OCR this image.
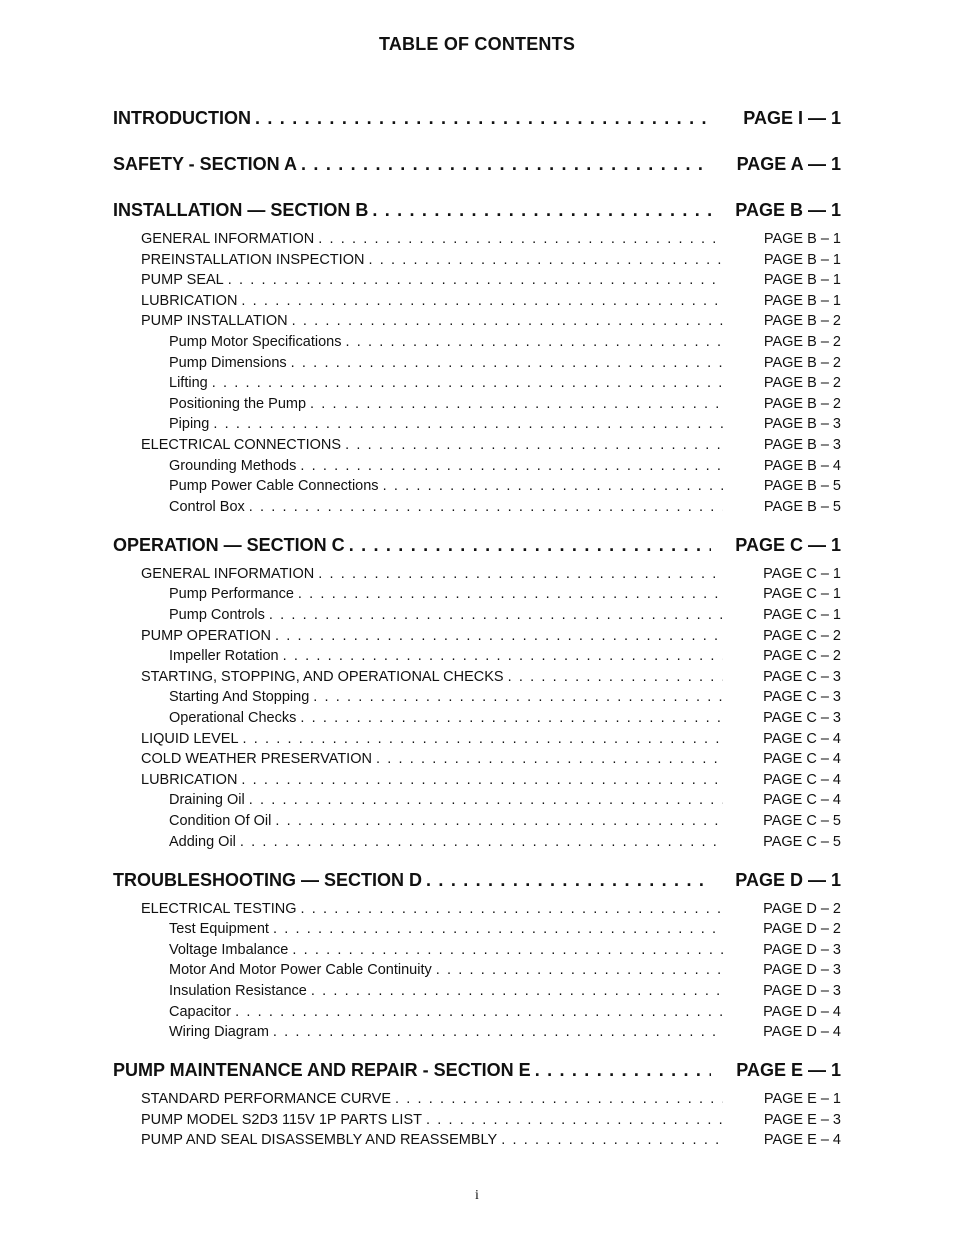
TABLE OF CONTENTS
INTRODUCTION . . .	PAGE I — 1
SAFETY - SECTION A . . .	PAGE A — 1
INSTALLATION — SECTION B . . .	PAGE B — 1
GENERAL INFORMATION . . .	PAGE B – 1
PREINSTALLATION INSPECTION . . .	PAGE B – 1
PUMP SEAL . . .	PAGE B – 1
LUBRICATION . . .	PAGE B – 1
PUMP INSTALLATION . . .	PAGE B – 2
Pump Motor Specifications . . .	PAGE B – 2
Pump Dimensions . . .	PAGE B – 2
Lifting . . .	PAGE B – 2
Positioning the Pump . . .	PAGE B – 2
Piping . . .	PAGE B – 3
ELECTRICAL CONNECTIONS . . .	PAGE B – 3
Grounding Methods . . .	PAGE B – 4
Pump Power Cable Connections . . .	PAGE B – 5
Control Box . . .	PAGE B – 5
OPERATION — SECTION C . . .	PAGE C — 1
GENERAL INFORMATION . . .	PAGE C – 1
Pump Performance . . .	PAGE C – 1
Pump Controls . . .	PAGE C – 1
PUMP OPERATION . . .	PAGE C – 2
Impeller Rotation . . .	PAGE C – 2
STARTING, STOPPING, AND OPERATIONAL CHECKS . . .	PAGE C – 3
Starting And Stopping . . .	PAGE C – 3
Operational Checks . . .	PAGE C – 3
LIQUID LEVEL . . .	PAGE C – 4
COLD WEATHER PRESERVATION . . .	PAGE C – 4
LUBRICATION . . .	PAGE C – 4
Draining Oil . . .	PAGE C – 4
Condition Of Oil . . .	PAGE C – 5
Adding Oil . . .	PAGE C – 5
TROUBLESHOOTING — SECTION D . . .	PAGE D — 1
ELECTRICAL TESTING . . .	PAGE D – 2
Test Equipment . . .	PAGE D – 2
Voltage Imbalance . . .	PAGE D – 3
Motor And Motor Power Cable Continuity . . .	PAGE D – 3
Insulation Resistance . . .	PAGE D – 3
Capacitor . . .	PAGE D – 4
Wiring Diagram . . .	PAGE D – 4
PUMP MAINTENANCE AND REPAIR - SECTION E . . .	PAGE E — 1
STANDARD PERFORMANCE CURVE . . .	PAGE E – 1
PUMP MODEL S2D3 115V 1P PARTS LIST . . .	PAGE E – 3
PUMP AND SEAL DISASSEMBLY AND REASSEMBLY . . .	PAGE E – 4
i
